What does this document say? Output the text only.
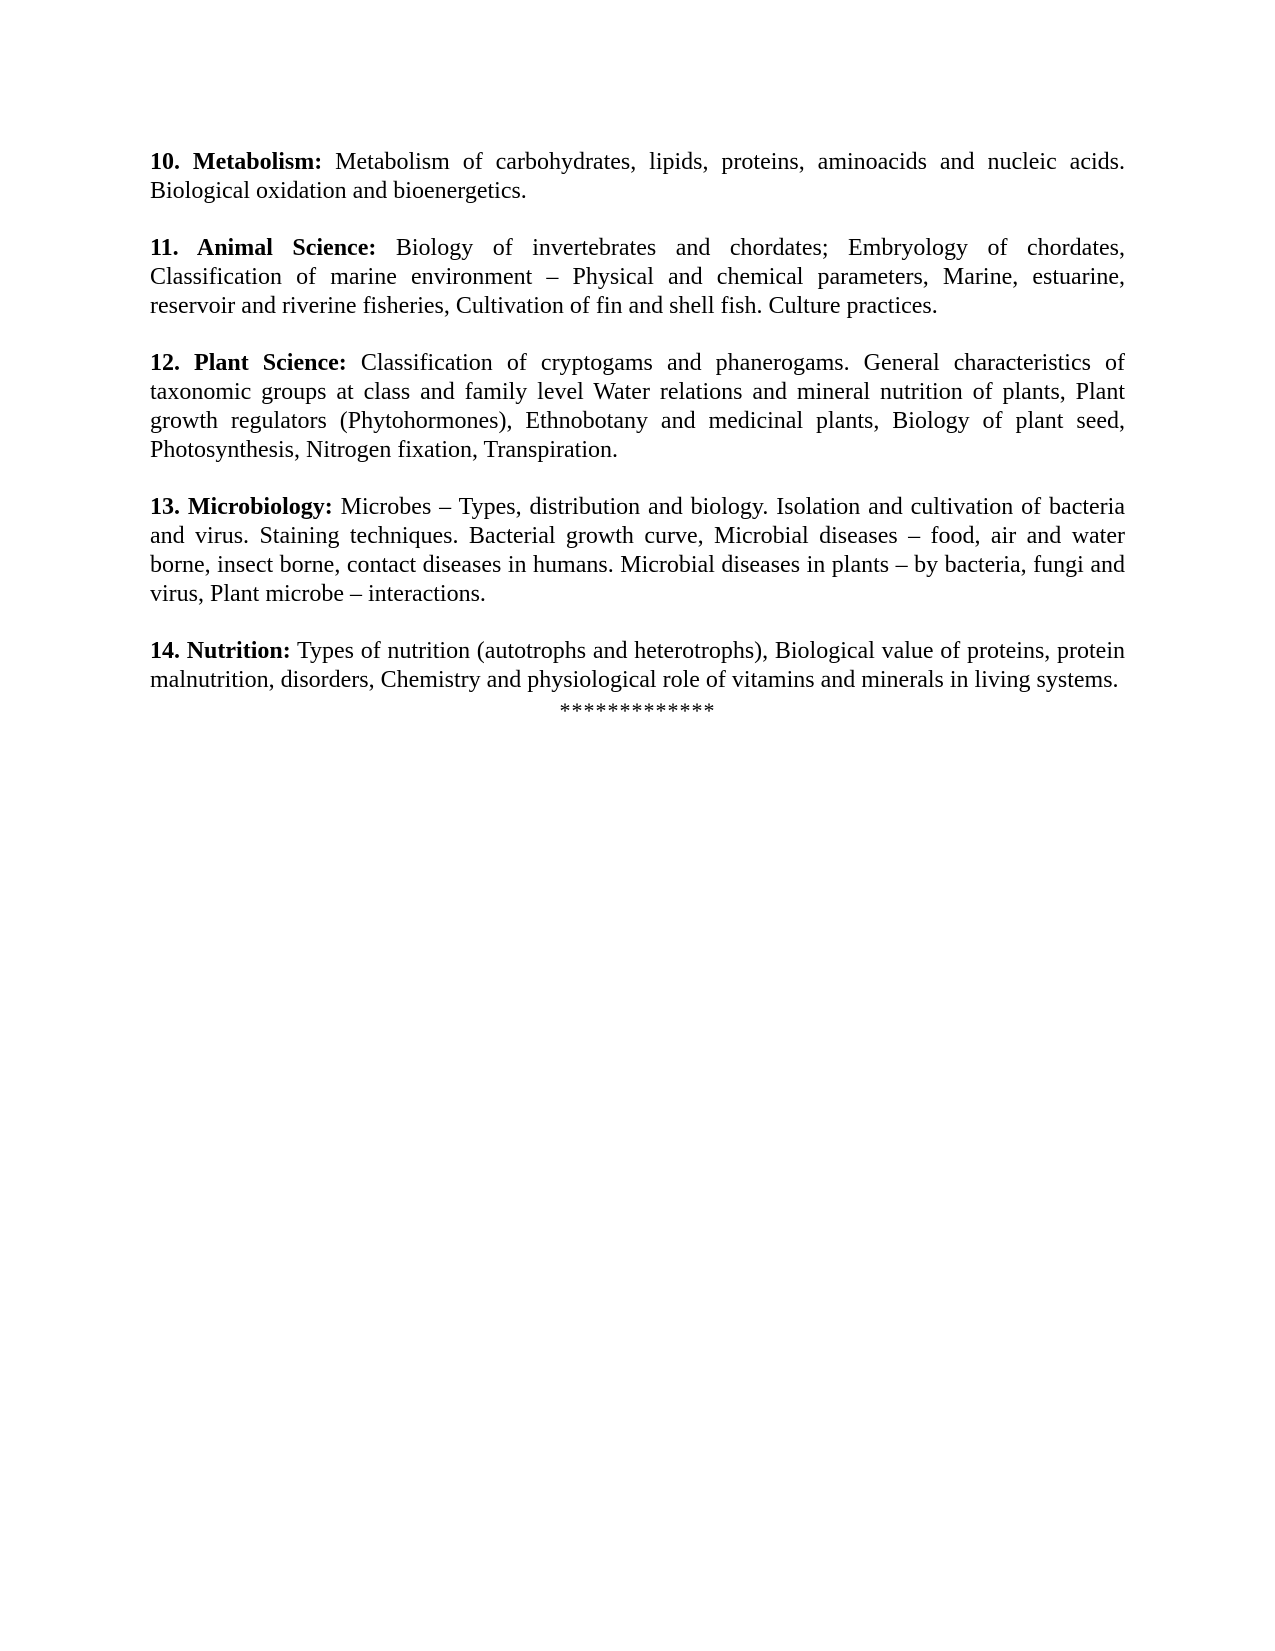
10. Metabolism: Metabolism of carbohydrates, lipids, proteins, aminoacids and nucleic acids. Biological oxidation and bioenergetics.

11. Animal Science: Biology of invertebrates and chordates; Embryology of chordates, Classification of marine environment – Physical and chemical parameters, Marine, estuarine, reservoir and riverine fisheries, Cultivation of fin and shell fish. Culture practices.

12. Plant Science: Classification of cryptogams and phanerogams. General characteristics of taxonomic groups at class and family level Water relations and mineral nutrition of plants, Plant growth regulators (Phytohormones), Ethnobotany and medicinal plants, Biology of plant seed, Photosynthesis, Nitrogen fixation, Transpiration.

13. Microbiology: Microbes – Types, distribution and biology. Isolation and cultivation of bacteria and virus. Staining techniques. Bacterial growth curve, Microbial diseases – food, air and water borne, insect borne, contact diseases in humans. Microbial diseases in plants – by bacteria, fungi and virus, Plant microbe – interactions.

14. Nutrition: Types of nutrition (autotrophs and heterotrophs), Biological value of proteins, protein malnutrition, disorders, Chemistry and physiological role of vitamins and minerals in living systems.

*************
